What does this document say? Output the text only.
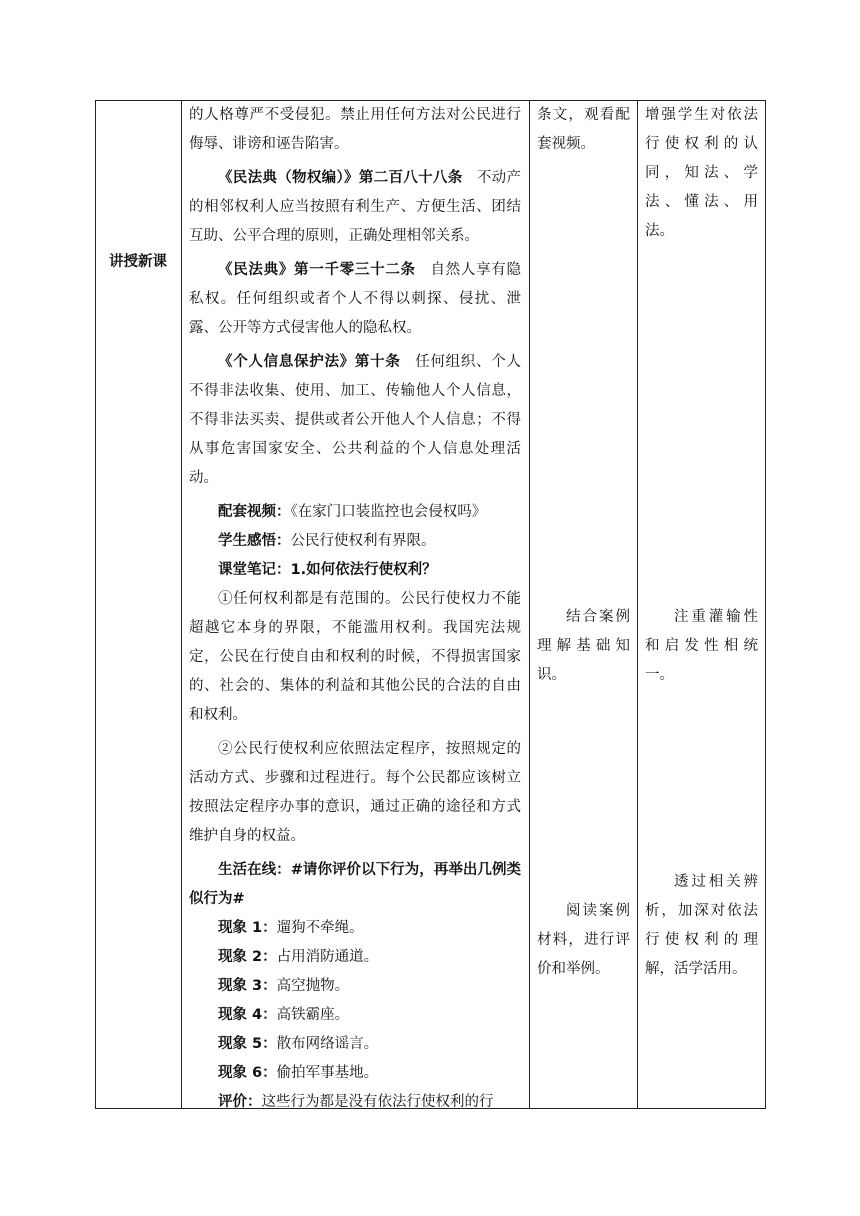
讲授新课

的人格尊严不受侵犯。禁止用任何方法对公民进行侮辱、诽谤和诬告陷害。

《民法典（物权编）》第二百八十八条 不动产的相邻权利人应当按照有利生产、方便生活、团结互助、公平合理的原则，正确处理相邻关系。

《民法典》第一千零三十二条 自然人享有隐私权。任何组织或者个人不得以刺探、侵扰、泄露、公开等方式侵害他人的隐私权。

《个人信息保护法》第十条 任何组织、个人不得非法收集、使用、加工、传输他人个人信息，不得非法买卖、提供或者公开他人个人信息；不得从事危害国家安全、公共利益的个人信息处理活动。

配套视频：《在家门口装监控也会侵权吗》

学生感悟：公民行使权利有界限。

课堂笔记：1.如何依法行使权利？

①任何权利都是有范围的。公民行使权力不能超越它本身的界限，不能滥用权利。我国宪法规定，公民在行使自由和权利的时候，不得损害国家的、社会的、集体的利益和其他公民的合法的自由和权利。

②公民行使权利应依照法定程序，按照规定的活动方式、步骤和过程进行。每个公民都应该树立按照法定程序办事的意识，通过正确的途径和方式维护自身的权益。

生活在线：#请你评价以下行为，再举出几例类似行为#

现象 1：遛狗不牵绳。

现象 2：占用消防通道。

现象 3：高空抛物。

现象 4：高铁霸座。

现象 5：散布网络谣言。

现象 6：偷拍军事基地。

评价：这些行为都是没有依法行使权利的行

条文，观看配套视频。

结合案例理解基础知识。

阅读案例材料，进行评价和举例。

增强学生对依法行使权利的认同，知法、学法、懂法、用法。

注重灌输性和启发性相统一。

透过相关辨析，加深对依法行使权利的理解，活学活用。
